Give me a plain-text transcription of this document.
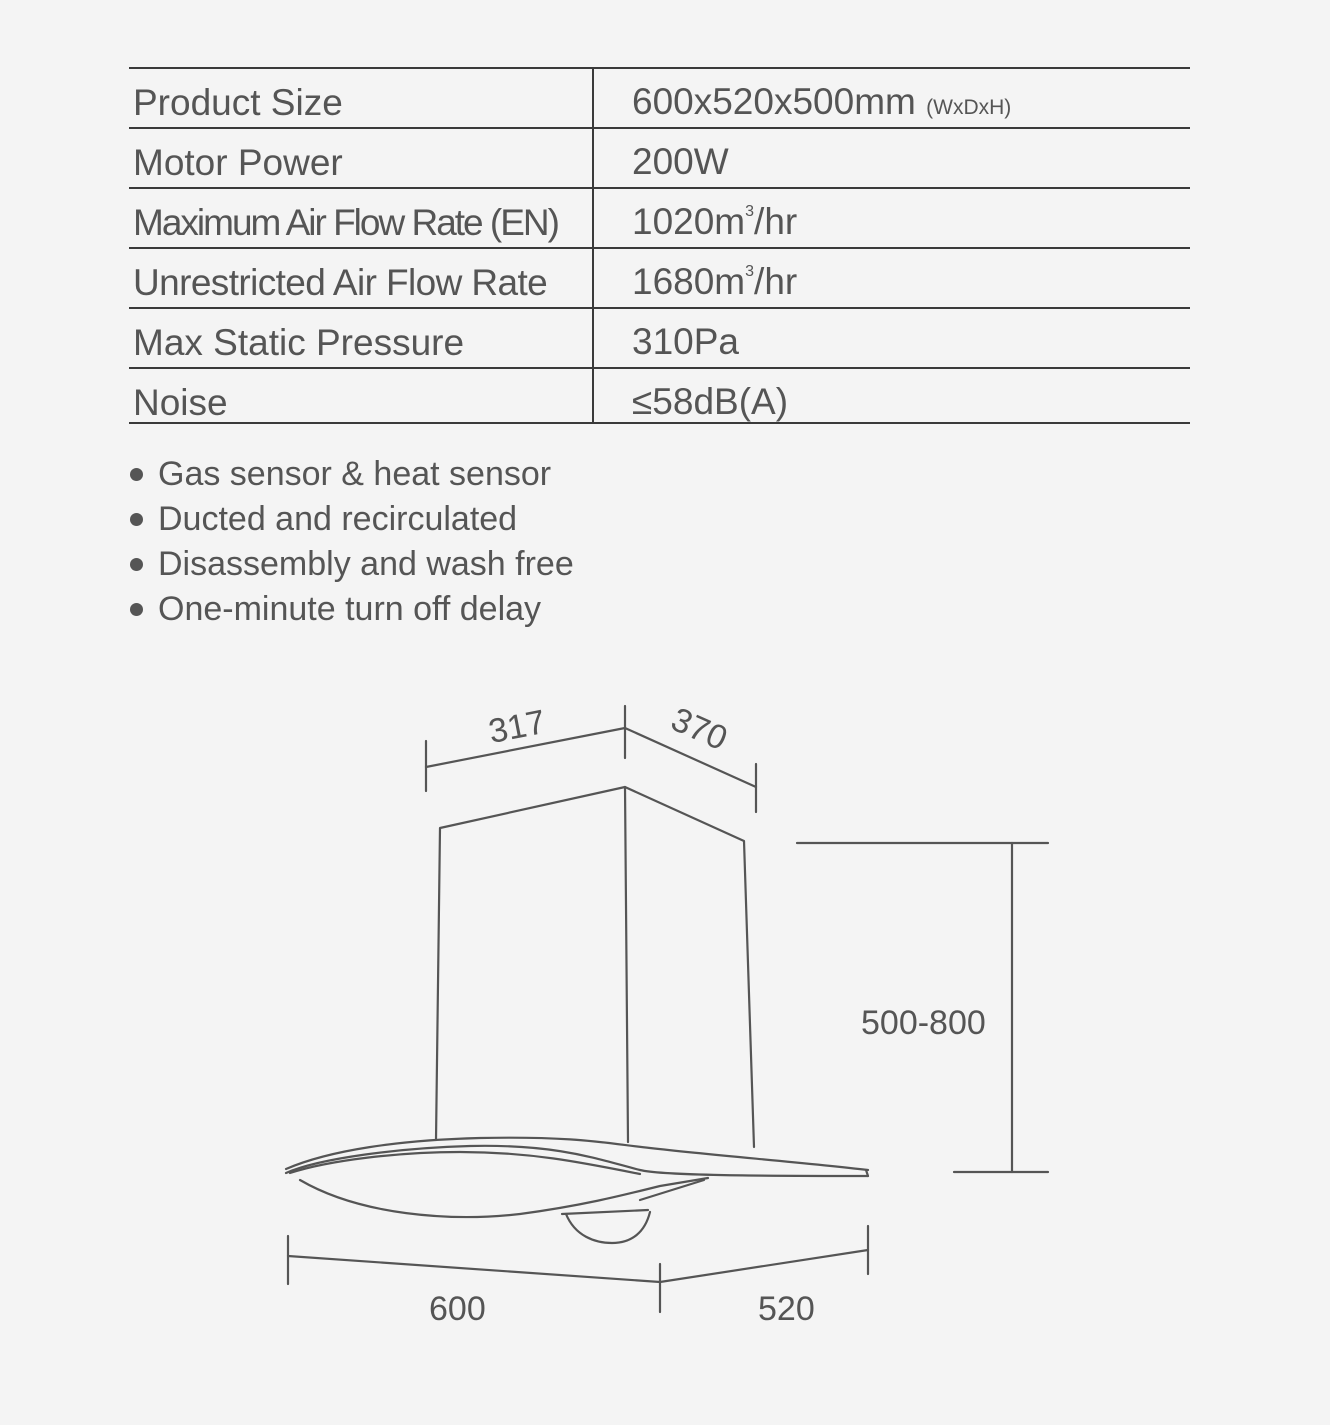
Product Size	600x520x500mm (WxDxH)
Motor Power	200W
Maximum Air Flow Rate (EN)	$1020m^3/hr$
Unrestricted Air Flow Rate	$1680m^3/hr$
Max Static Pressure	310Pa
Noise	≤58dB(A)
Gas sensor & heat sensor
Ducted and recirculated
Disassembly and wash free
One-minute turn off delay
317	370
500-800
600	520
